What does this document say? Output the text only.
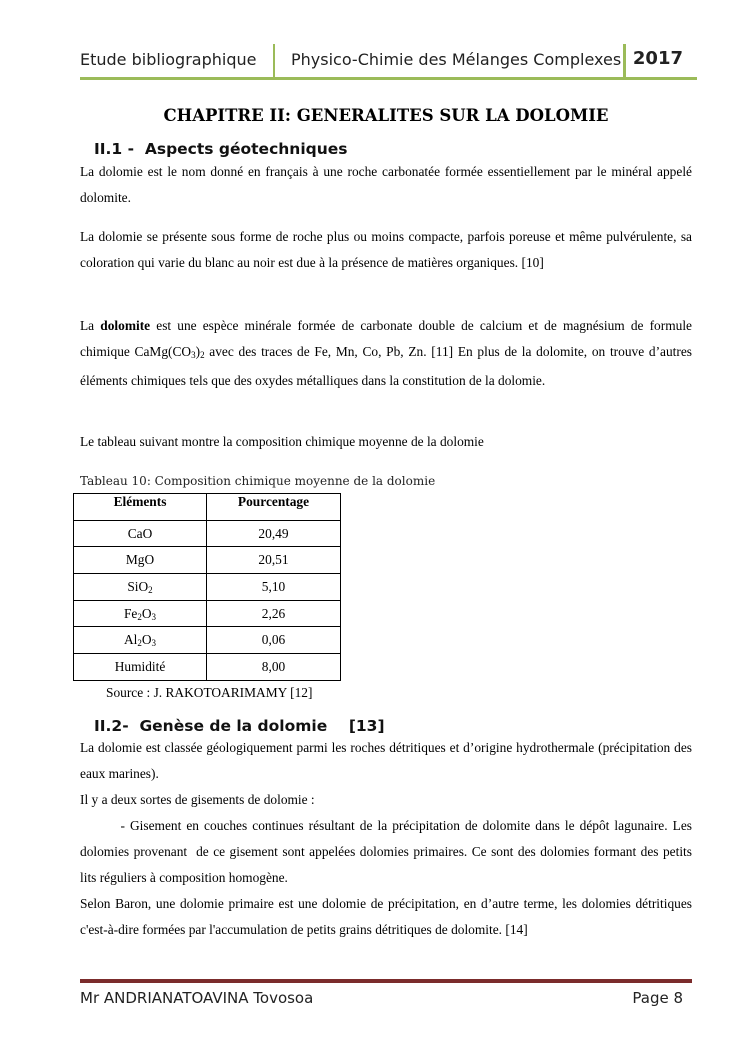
Etude bibliographique Physico-Chimie des Mélanges Complexes 2017
CHAPITRE II: GENERALITES SUR LA DOLOMIE
II.1 - Aspects géotechniques

La dolomie est le nom donné en français à une roche carbonatée formée essentiellement par le minéral appelé dolomite.

La dolomie se présente sous forme de roche plus ou moins compacte, parfois poreuse et même pulvérulente, sa coloration qui varie du blanc au noir est due à la présence de matières organiques. [10]

La dolomite est une espèce minérale formée de carbonate double de calcium et de magnésium de formule chimique $CaMg(CO_3)_2$ avec des traces de Fe, Mn, Co, Pb, Zn. [11] En plus de la dolomite, on trouve d’autres éléments chimiques tels que des oxydes métalliques dans la constitution de la dolomie.

Le tableau suivant montre la composition chimique moyenne de la dolomie

Tableau 10: Composition chimique moyenne de la dolomie
Eléments	Pourcentage
CaO	20,49
MgO	20,51
SiO$_2$	5,10
$Fe_2O_3$	2,26
$Al_2O_3$	0,06
Humidité	8,00
Source : J. RAKOTOARIMAMY [12]
II.2- Genèse de la dolomie [13]

La dolomie est classée géologiquement parmi les roches détritiques et d’origine hydrothermale (précipitation des eaux marines).

Il y a deux sortes de gisements de dolomie :

- Gisement en couches continues résultant de la précipitation de dolomite dans le dépôt lagunaire. Les  dolomies provenant  de ce gisement sont appelées dolomies primaires. Ce sont des dolomies formant des petits lits réguliers à composition homogène.

Selon Baron, une dolomie primaire est une dolomie de précipitation, en d’autre terme, les dolomies détritiques c'est-à-dire formées par l'accumulation de petits grains détritiques de dolomite. [14]

Mr ANDRIANATOAVINA Tovosoa	Page 8
